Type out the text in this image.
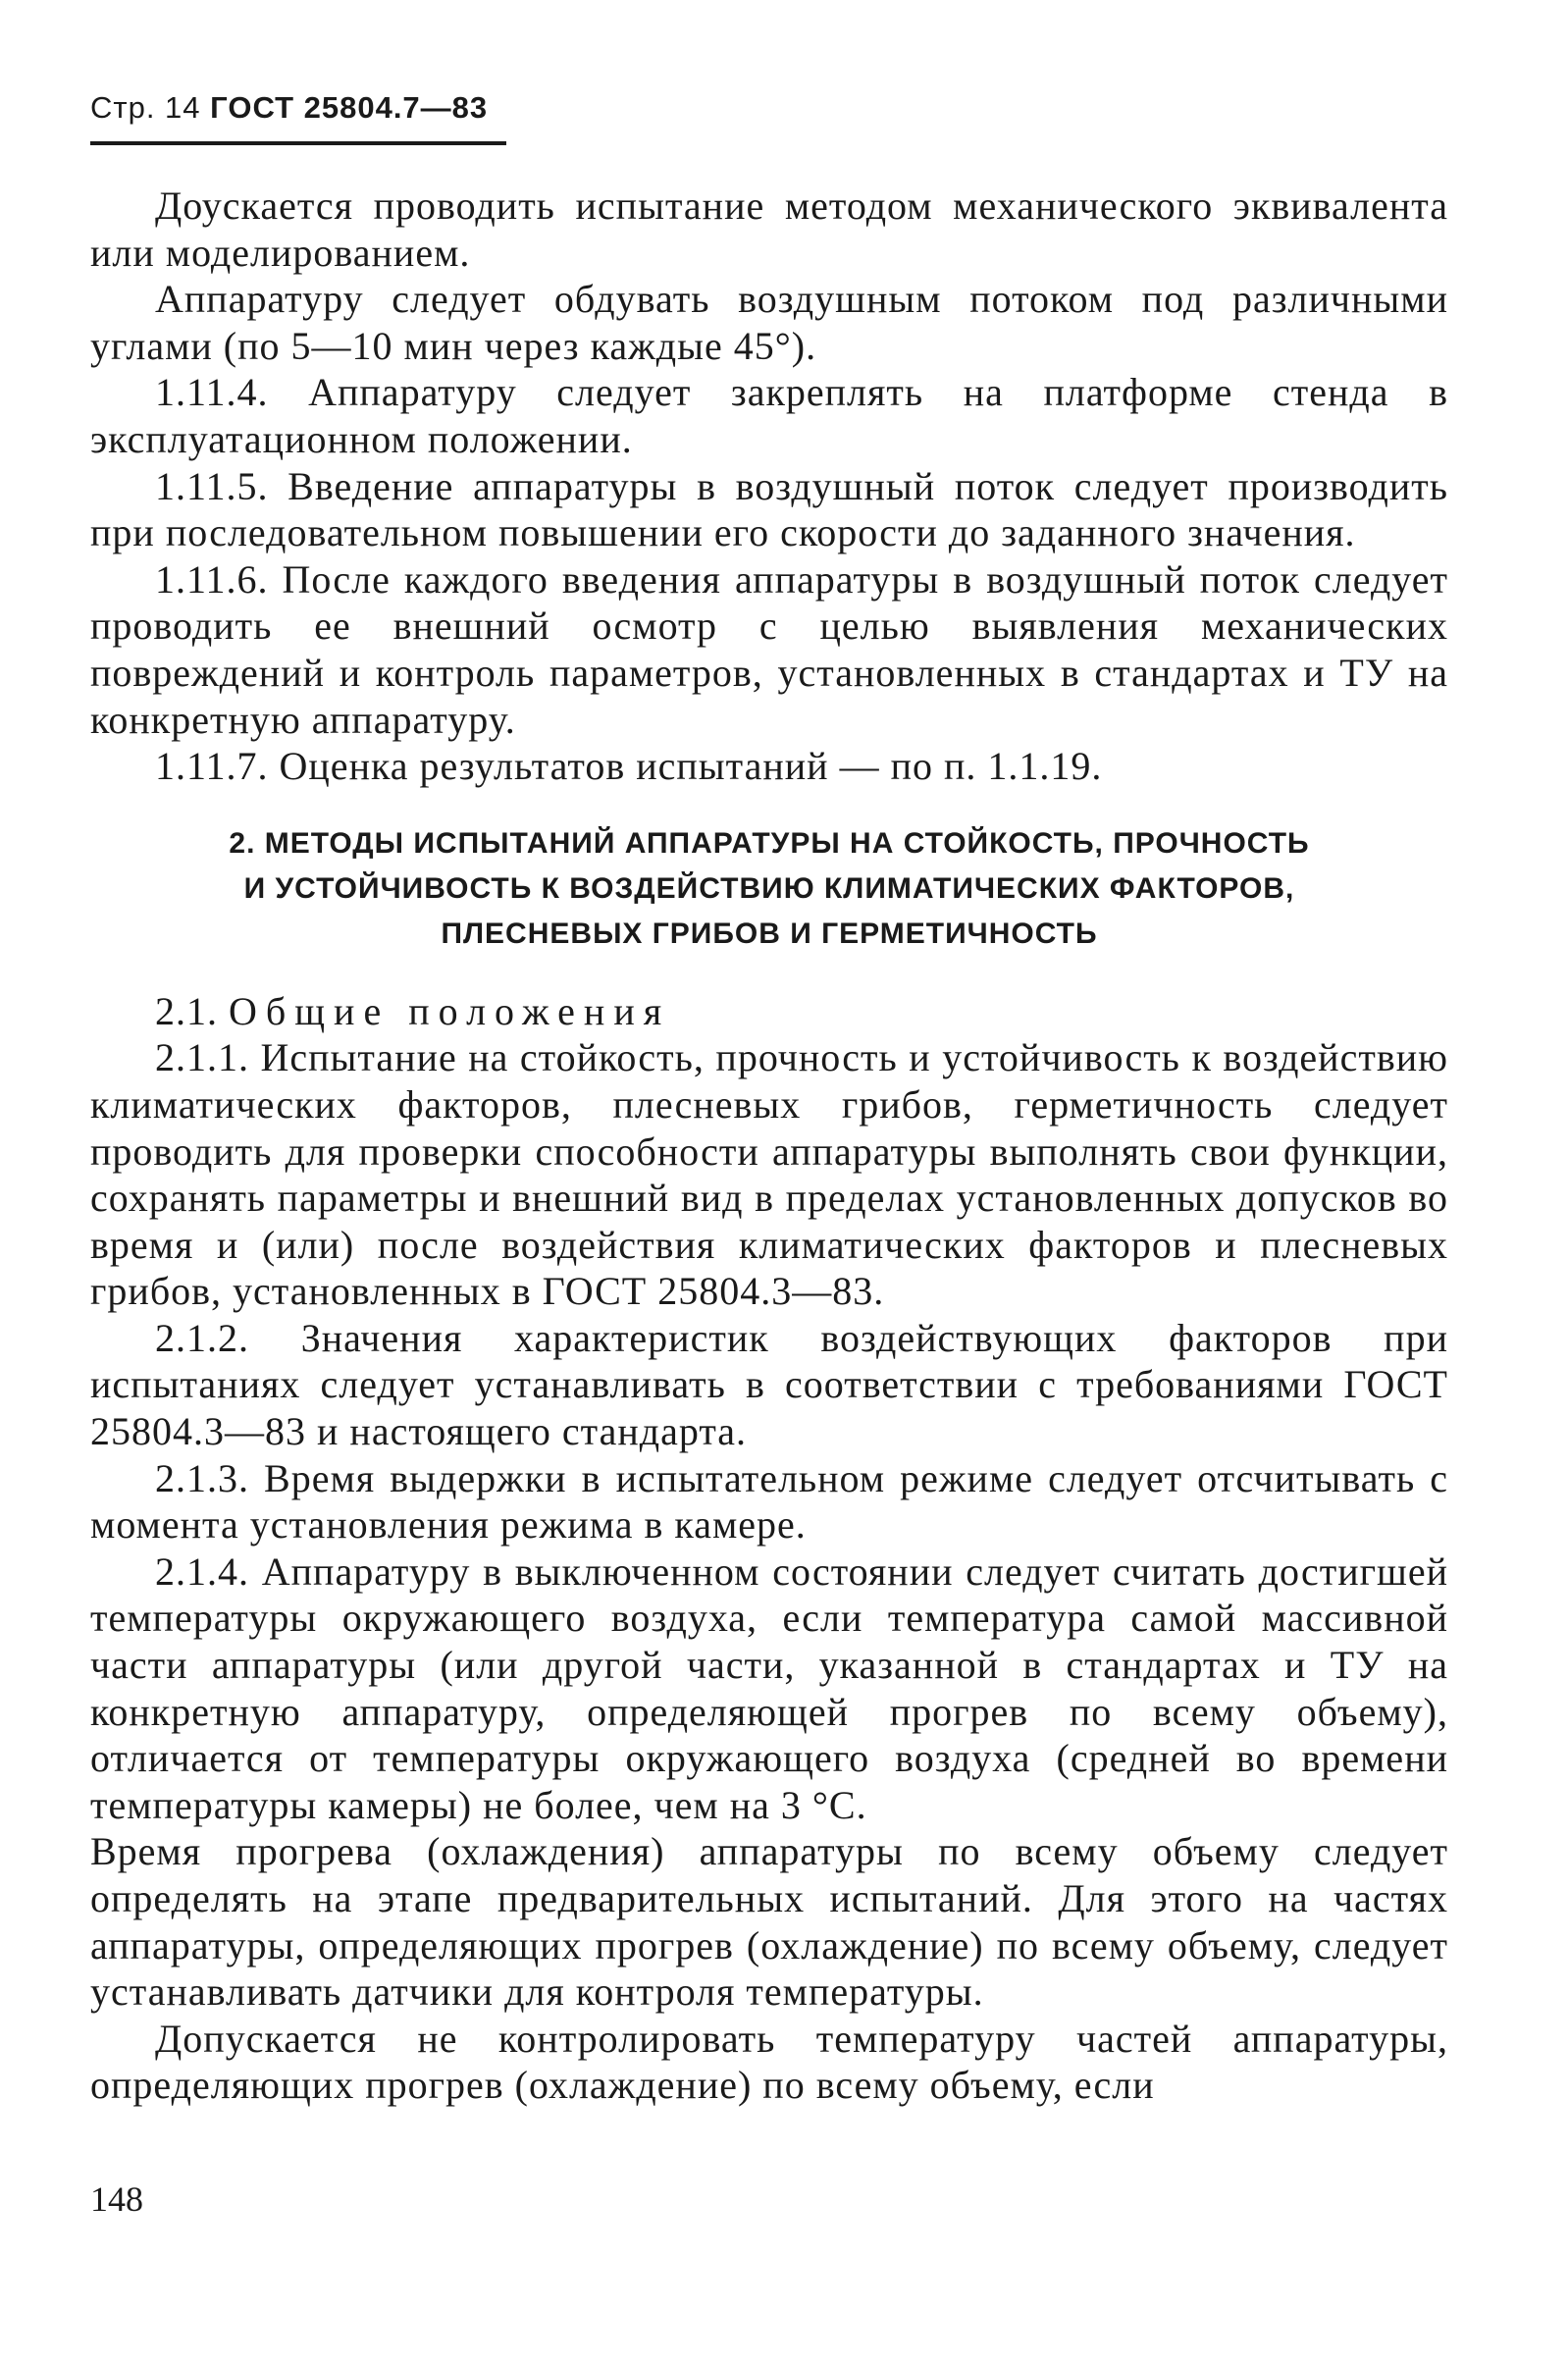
Стр. 14 ГОСТ 25804.7—83

Доускается проводить испытание методом механического эквивалента или моделированием.

Аппаратуру следует обдувать воздушным потоком под различными углами (по 5—10 мин через каждые 45°).

1.11.4. Аппаратуру следует закреплять на платформе стенда в эксплуатационном положении.

1.11.5. Введение аппаратуры в воздушный поток следует производить при последовательном повышении его скорости до заданного значения.

1.11.6. После каждого введения аппаратуры в воздушный поток следует проводить ее внешний осмотр с целью выявления механических повреждений и контроль параметров, установленных в стандартах и ТУ на конкретную аппаратуру.

1.11.7. Оценка результатов испытаний — по п. 1.1.19.

2. МЕТОДЫ ИСПЫТАНИЙ АППАРАТУРЫ НА СТОЙКОСТЬ, ПРОЧНОСТЬ
И УСТОЙЧИВОСТЬ К ВОЗДЕЙСТВИЮ КЛИМАТИЧЕСКИХ ФАКТОРОВ,
ПЛЕСНЕВЫХ ГРИБОВ И ГЕРМЕТИЧНОСТЬ

2.1. Общие положения

2.1.1. Испытание на стойкость, прочность и устойчивость к воздействию климатических факторов, плесневых грибов, герметичность следует проводить для проверки способности аппаратуры выполнять свои функции, сохранять параметры и внешний вид в пределах установленных допусков во время и (или) после воздействия климатических факторов и плесневых грибов, установленных в ГОСТ 25804.3—83.

2.1.2. Значения характеристик воздействующих факторов при испытаниях следует устанавливать в соответствии с требованиями ГОСТ 25804.3—83 и настоящего стандарта.

2.1.3. Время выдержки в испытательном режиме следует отсчитывать с момента установления режима в камере.

2.1.4. Аппаратуру в выключенном состоянии следует считать достигшей температуры окружающего воздуха, если температура самой массивной части аппаратуры (или другой части, указанной в стандартах и ТУ на конкретную аппаратуру, определяющей прогрев по всему объему), отличается от температуры окружающего воздуха (средней во времени температуры камеры) не более, чем на 3 °С.

Время прогрева (охлаждения) аппаратуры по всему объему следует определять на этапе предварительных испытаний. Для этого на частях аппаратуры, определяющих прогрев (охлаждение) по всему объему, следует устанавливать датчики для контроля температуры.

Допускается не контролировать температуру частей аппаратуры, определяющих прогрев (охлаждение) по всему объему, если

148
